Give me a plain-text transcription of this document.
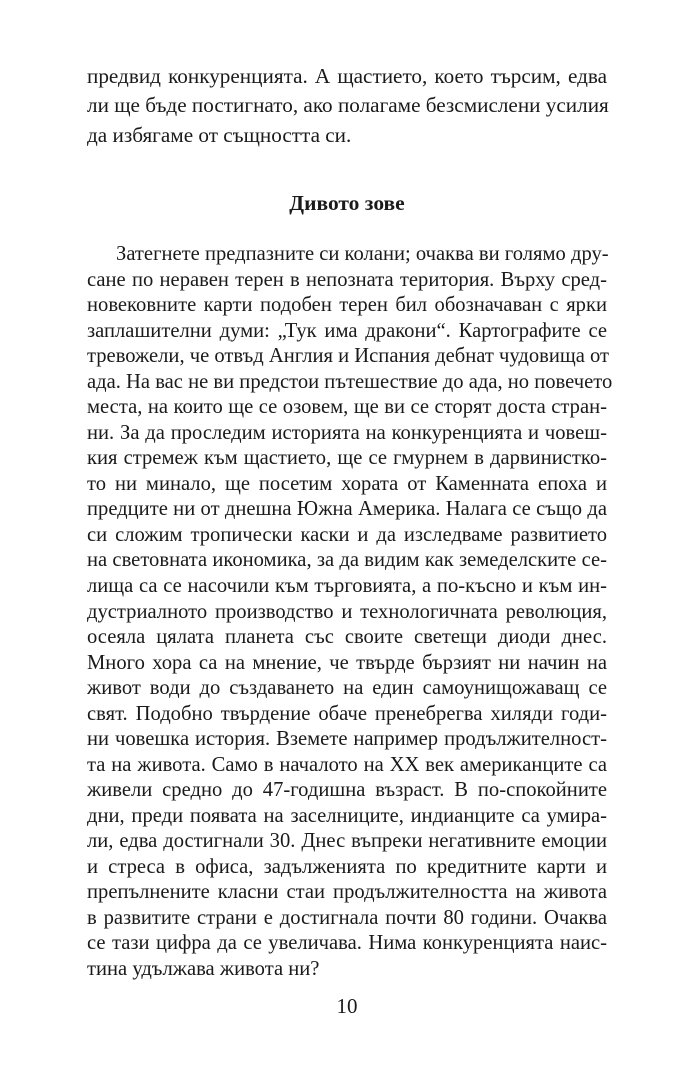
предвид конкуренцията. А щастието, което търсим, едва
ли ще бъде постигнато, ако полагаме безсмислени усилия
да избягаме от същността си.
Дивото зове
Затегнете предпазните си колани; очаква ви голямо дру-
сане по неравен терен в непозната територия. Върху сред-
новековните карти подобен терен бил обозначаван с ярки
заплашителни думи: „Тук има дракони“. Картографите се
тревожели, че отвъд Англия и Испания дебнат чудовища от
ада. На вас не ви предстои пътешествие до ада, но повечето
места, на които ще се озовем, ще ви се сторят доста стран-
ни. За да проследим историята на конкуренцията и човеш-
кия стремеж към щастието, ще се гмурнем в дарвинистко-
то ни минало, ще посетим хората от Каменната епоха и
предците ни от днешна Южна Америка. Налага се също да
си сложим тропически каски и да изследваме развитието
на световната икономика, за да видим как земеделските се-
лища са се насочили към търговията, а по-късно и към ин-
дустриалното производство и технологичната революция,
осеяла цялата планета със своите светещи диоди днес.
Много хора са на мнение, че твърде бързият ни начин на
живот води до създаването на един самоунищожаващ се
свят. Подобно твърдение обаче пренебрегва хиляди годи-
ни човешка история. Вземете например продължителност-
та на живота. Само в началото на XX век американците са
живели средно до 47-годишна възраст. В по-спокойните
дни, преди появата на заселниците, индианците са умира-
ли, едва достигнали 30. Днес въпреки негативните емоции
и стреса в офиса, задълженията по кредитните карти и
препълнените класни стаи продължителността на живота
в развитите страни е достигнала почти 80 години. Очаква
се тази цифра да се увеличава. Нима конкуренцията наис-
тина удължава живота ни?
10
